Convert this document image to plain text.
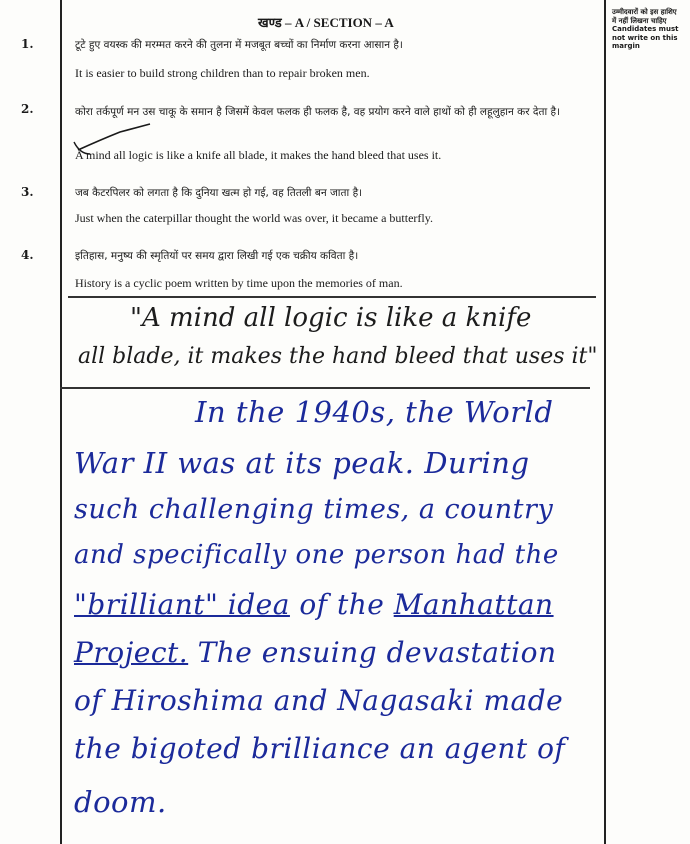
खण्ड – A / SECTION – A
उम्मीदवारों को इस हाशिए में नहीं लिखना चाहिए
Candidates must not write on this margin
1.	टूटे हुए वयस्क की मरम्मत करने की तुलना में मजबूत बच्चों का निर्माण करना आसान है।
It is easier to build strong children than to repair broken men.
2.	कोरा तर्कपूर्ण मन उस चाकू के समान है जिसमें केवल फलक ही फलक है, वह प्रयोग करने वाले हाथों को ही लहूलुहान कर देता है।
A mind all logic is like a knife all blade, it makes the hand bleed that uses it.
3.	जब कैटरपिलर को लगता है कि दुनिया खत्म हो गई, वह तितली बन जाता है।
Just when the caterpillar thought the world was over, it became a butterfly.
4.	इतिहास, मनुष्य की स्मृतियों पर समय द्वारा लिखी गई एक चक्रीय कविता है।
History is a cyclic poem written by time upon the memories of man.
"A mind all logic is like a knife
all blade, it makes the hand bleed that uses it"
In the 1940s, the World
War II was at its peak. During
such challenging times, a country
and specifically one person had the
"brilliant" idea of the Manhattan
Project. The ensuing devastation
of Hiroshima and Nagasaki made
the bigoted brilliance an agent of
doom.
